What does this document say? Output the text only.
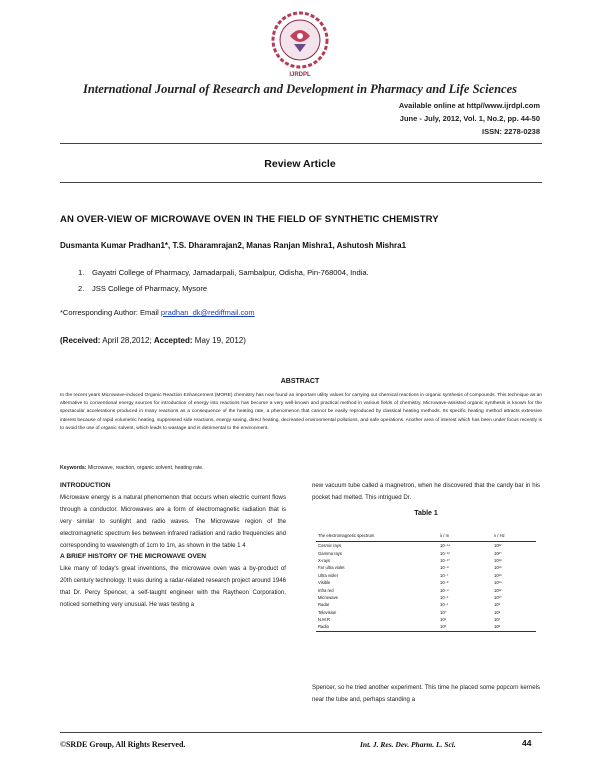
IJRDPL
International Journal of Research and Development in Pharmacy and Life Sciences
Available online at http//www.ijrdpl.com
June - July, 2012, Vol. 1, No.2, pp. 44-50
ISSN: 2278-0238
Review Article
AN OVER-VIEW OF MICROWAVE OVEN IN THE FIELD OF SYNTHETIC CHEMISTRY
Dusmanta Kumar Pradhan1*, T.S. Dharamrajan2, Manas Ranjan Mishra1, Ashutosh Mishra1
1. Gayatri College of Pharmacy, Jamadarpali, Sambalpur, Odisha, Pin-768004, India.
2. JSS College of Pharmacy, Mysore
*Corresponding Author: Email pradhan_dk@rediffmail.com
(Received: April 28,2012; Accepted: May 19, 2012)
ABSTRACT
In the recent years Microwave-induced Organic Reaction Enhancement (MORE) chemistry has now found an important utility values for carrying out chemical reactions in organic synthesis of compounds. This technique as an alternative to conventional energy sources for introduction of energy into reactions has become a very well-known and practical method in various fields of chemistry. Microwave-assisted organic synthesis is known for the spectacular accelerations produced in many reactions as a consequence of the heating rate, a phenomenon that cannot be easily reproduced by classical heating methods. Its specific heating method attracts extensive interest because of rapid volumetric heating, suppressed side reactions, energy saving, direct heating, decreased environmental pollutions, and safe operations. Another area of interest which has been under focus recently is to avoid the use of organic solvent, which leads to wastage and is detrimental to the environment.
Keywords: Microwave, reaction, organic solvent, heating rate.

INTRODUCTION

Microwave energy is a natural phenomenon that occurs when electric current flows through a conductor. Microwaves are a form of electromagnetic radiation that is very similar to sunlight and radio waves. The Microwave region of the electromagnetic spectrum lies between infrared radiation and radio frequencies and corresponding to wavelength of 1cm to 1m, as shown in the table 1 4

A BRIEF HISTORY OF THE MICROWAVE OVEN

Like many of today's great inventions, the microwave oven was a by-product of 20th century technology. It was during a radar-related research project around 1946 that Dr. Percy Spencer, a self-taught engineer with the Raytheon Corporation, noticed something very unusual. He was testing a

new vacuum tube called a magnetron, when he discovered that the candy bar in his pocket had melted. This intrigued Dr.

Table 1
The electromagnetic spectrum	λ / m	ν / Hz
Cosmic rays	10⁻¹⁴	10²²
Gamma rays	10⁻¹²	10²⁰
X-rays	10⁻¹⁰	10¹⁸
Far ultra violet	10⁻⁸	10¹⁶
Ultra violet	10⁻⁷	10¹⁵
Visible	10⁻⁶	10¹⁴
Infra red	10⁻⁴	10¹²
Microwave	10⁻²	10¹⁰
Radar	10⁻¹	10⁹
Television	10⁰	10⁸
N.M.R	10¹	10⁷
Radio	10²	10⁶

Spencer, so he tried another experiment. This time he placed some popcorn kernels near the tube and, perhaps standing a

©SRDE Group, All Rights Reserved.	Int. J. Res. Dev. Pharm. L. Sci.	44
